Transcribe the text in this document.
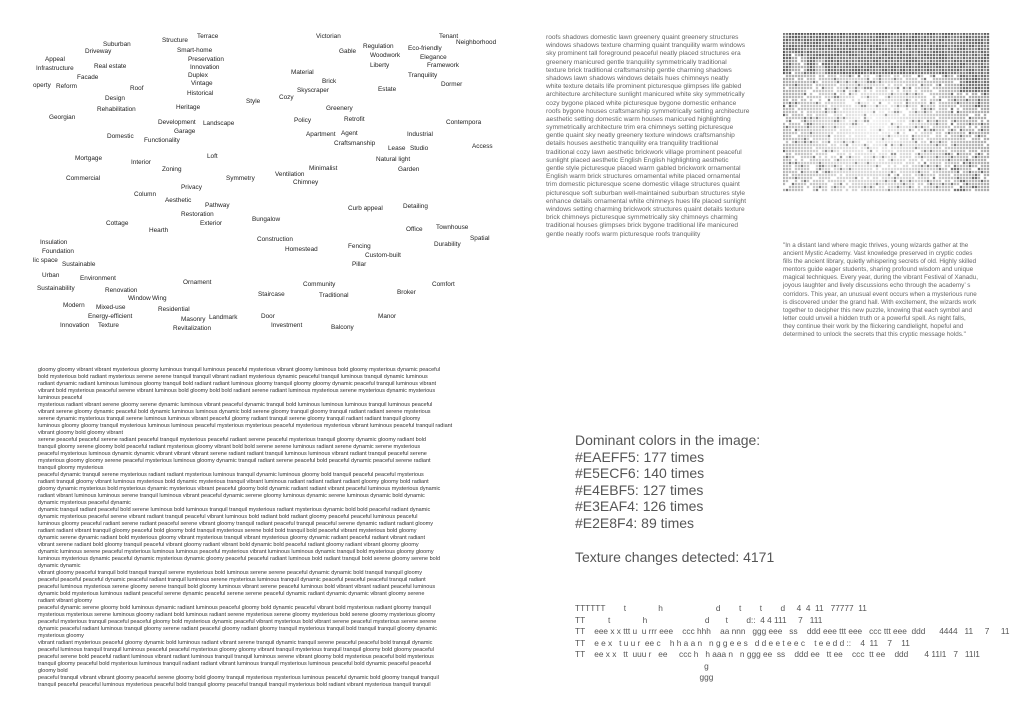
Suburban
Structure
Terrace	Victorian	Tenant
Driveway	Smart-home	Gable
Regulation
Woodwork
Liberty
Eco-friendly
Neighborhood
Preservation
Innovation
Elegance
Framework
Infrastructure
Appeal
Real estate
Facade	Duplex
Vintage
Material	Tranquility
operty Reform	Roof
Brick	Dormer
Estate
Historical	Skyscraper
Cozy
Style
Rehabilitation
Design
Heritage	Greenery
Georgian	Policy	Retrofit	Contempora
Development
Garage
Landscape
Apartment Agent	Industrial
Domestic
Functionality	Craftsmanship	Access
Lease Studio
Mortgage
Interior
Loft	Natural light
Garden
Minimalist
Zoning
Commercial	Symmetry
Ventilation
Chimney
Privacy
Column
Aesthetic
Pathway	Curb appeal	Detailing
Restoration
Cottage	Exterior
Hearth
Bungalow
Office Townhouse
Construction
Homestead	Fencing	Durability
Spatial
Custom-built
Insulation
Foundation
Pillar
lic space
Sustainable
Urban	Environment
Community	Comfort
Ornament
Sustainability
Staircase	Traditional	Broker
Renovation
Modern Mixed-use
Window Wing
Energy-efficient
Residential
Landmark	Door
Investment
Manor
Innovation Texture
Masonry
Revitalization	Balcony
roofs shadows domestic lawn greenery quaint greenery structures
windows shadows texture charming quaint tranquility warm windows
sky prominent tall foreground peaceful neatly placed structures era
greenery manicured gentle tranquility symmetrically traditional
texture brick traditional craftsmanship gentle charming shadows
shadows lawn shadows windows details hues chimneys neatly
white texture details life prominent picturesque glimpses life gabled
architecture architecture sunlight manicured white sky symmetrically
cozy bygone placed white picturesque bygone domestic enhance
roofs bygone houses craftsmanship symmetrically setting architecture
aesthetic setting domestic warm houses manicured highlighting
symmetrically architecture trim era chimneys setting picturesque
gentle quaint sky neatly greenery texture windows craftsmanship
details houses aesthetic tranquility era tranquility traditional
traditional cozy lawn aesthetic brickwork village prominent peaceful
sunlight placed aesthetic English English highlighting aesthetic
gentle style picturesque placed warm gabled brickwork ornamental
English warm brick structures ornamental white placed ornamental
trim domestic picturesque scene domestic village structures quaint
picturesque soft suburban well-maintained suburban structures style
enhance details ornamental white chimneys hues life placed sunlight
windows setting charming brickwork structures quaint details texture
brick chimneys picturesque symmetrically sky chimneys charming
traditional houses glimpses brick bygone traditional life manicured
gentle neatly roofs warm picturesque roofs tranquility
"In a distant land where magic thrives, young wizards gather at the
ancient Mystic Academy. Vast knowledge preserved in cryptic codes
fills the ancient library, quietly whispering secrets of old. Highly skilled
mentors guide eager students, sharing profound wisdom and unique
magical techniques. Every year, during the vibrant Festival of Xanadu,
joyous laughter and lively discussions echo through the academy’ s
corridors. This year, an unusual event occurs when a mysterious rune
is discovered under the grand hall. With excitement, the wizards work
together to decipher this new puzzle, knowing that each symbol and
letter could unveil a hidden truth or a powerful spell. As night falls,
they continue their work by the flickering candlelight, hopeful and
determined to unlock the secrets that this cryptic message holds."
gloomy gloomy vibrant vibrant mysterious gloomy luminous tranquil luminous peaceful mysterious vibrant gloomy luminous bold gloomy mysterious dynamic peaceful
bold mysterious bold radiant mysterious serene serene tranquil tranquil vibrant radiant mysterious dynamic peaceful tranquil luminous tranquil dynamic luminous
radiant dynamic radiant luminous luminous gloomy tranquil bold radiant radiant luminous gloomy tranquil gloomy gloomy dynamic peaceful tranquil luminous vibrant
vibrant bold mysterious peaceful serene vibrant luminous bold gloomy bold bold radiant serene radiant luminous mysterious serene mysterious dynamic mysterious
luminous peaceful
mysterious radiant vibrant serene gloomy serene dynamic luminous vibrant peaceful dynamic tranquil bold luminous luminous luminous tranquil luminous peaceful
vibrant serene gloomy dynamic peaceful bold dynamic luminous luminous dynamic bold serene gloomy tranquil gloomy tranquil radiant radiant serene mysterious
serene dynamic mysterious tranquil serene luminous luminous vibrant peaceful gloomy radiant tranquil serene gloomy tranquil radiant radiant tranquil gloomy
luminous gloomy gloomy tranquil mysterious luminous luminous peaceful mysterious mysterious peaceful mysterious mysterious vibrant luminous peaceful tranquil radiant
vibrant gloomy bold gloomy vibrant
serene peaceful peaceful serene radiant peaceful tranquil mysterious peaceful radiant serene peaceful mysterious tranquil gloomy dynamic gloomy radiant bold
tranquil gloomy serene gloomy bold peaceful radiant mysterious gloomy vibrant bold bold serene serene luminous radiant serene dynamic serene mysterious
peaceful mysterious luminous dynamic dynamic vibrant vibrant vibrant serene radiant radiant tranquil luminous luminous vibrant radiant tranquil peaceful serene
mysterious gloomy gloomy serene peaceful mysterious luminous gloomy dynamic tranquil radiant serene peaceful bold peaceful dynamic peaceful serene radiant
tranquil gloomy mysterious
peaceful dynamic tranquil serene mysterious radiant radiant mysterious luminous tranquil dynamic luminous gloomy bold tranquil peaceful peaceful mysterious
radiant tranquil gloomy vibrant luminous mysterious bold dynamic mysterious tranquil vibrant luminous radiant radiant radiant radiant gloomy gloomy bold radiant
gloomy dynamic mysterious bold mysterious dynamic mysterious vibrant peaceful gloomy bold dynamic radiant radiant vibrant peaceful luminous mysterious dynamic
radiant vibrant luminous luminous serene tranquil luminous vibrant peaceful dynamic serene gloomy luminous dynamic serene luminous dynamic bold dynamic
dynamic mysterious peaceful dynamic
dynamic tranquil radiant peaceful bold serene luminous bold luminous tranquil tranquil mysterious radiant mysterious dynamic bold bold peaceful radiant dynamic
dynamic mysterious peaceful serene vibrant radiant tranquil peaceful vibrant luminous bold radiant bold radiant gloomy peaceful peaceful luminous peaceful
luminous gloomy peaceful radiant serene radiant peaceful serene vibrant gloomy tranquil radiant peaceful tranquil peaceful serene dynamic radiant radiant gloomy
radiant radiant vibrant tranquil gloomy peaceful bold gloomy bold tranquil mysterious serene bold bold tranquil bold peaceful vibrant mysterious bold gloomy
dynamic serene dynamic radiant bold mysterious gloomy vibrant mysterious tranquil vibrant mysterious gloomy dynamic radiant peaceful radiant vibrant radiant
vibrant serene radiant bold gloomy tranquil peaceful vibrant gloomy radiant vibrant bold dynamic bold peaceful radiant gloomy radiant vibrant gloomy gloomy
dynamic luminous serene peaceful mysterious luminous luminous peaceful mysterious vibrant luminous luminous dynamic tranquil bold mysterious gloomy gloomy
luminous mysterious dynamic peaceful dynamic mysterious dynamic gloomy peaceful peaceful radiant luminous bold radiant tranquil bold serene gloomy serene bold
dynamic dynamic
vibrant gloomy peaceful tranquil bold tranquil tranquil serene mysterious bold luminous serene serene peaceful dynamic dynamic bold tranquil tranquil gloomy
peaceful peaceful peaceful dynamic peaceful radiant tranquil luminous serene mysterious luminous tranquil dynamic peaceful peaceful peaceful tranquil radiant
peaceful luminous mysterious serene gloomy serene tranquil bold gloomy luminous vibrant serene peaceful luminous bold vibrant vibrant radiant peaceful luminous
dynamic bold mysterious luminous radiant peaceful serene dynamic peaceful serene serene peaceful dynamic radiant dynamic dynamic vibrant gloomy serene
radiant vibrant gloomy
peaceful dynamic serene gloomy bold luminous dynamic radiant luminous peaceful gloomy bold dynamic peaceful vibrant bold mysterious radiant gloomy tranquil
mysterious mysterious serene luminous gloomy radiant bold luminous radiant serene mysterious serene gloomy mysterious bold serene gloomy mysterious gloomy
peaceful mysterious tranquil peaceful peaceful gloomy bold mysterious dynamic peaceful vibrant mysterious bold vibrant serene peaceful mysterious serene serene
dynamic peaceful radiant luminous tranquil gloomy serene radiant peaceful gloomy radiant gloomy tranquil mysterious tranquil bold tranquil tranquil gloomy dynamic
mysterious gloomy
vibrant radiant mysterious peaceful gloomy dynamic bold luminous radiant vibrant serene tranquil dynamic tranquil serene peaceful peaceful bold tranquil dynamic
peaceful luminous tranquil tranquil luminous peaceful peaceful mysterious gloomy gloomy vibrant tranquil mysterious tranquil tranquil gloomy bold gloomy peaceful
peaceful serene bold peaceful radiant luminous vibrant radiant luminous tranquil tranquil luminous serene vibrant gloomy bold mysterious peaceful bold mysterious
tranquil gloomy peaceful bold mysterious luminous tranquil radiant radiant vibrant luminous tranquil mysterious luminous peaceful bold dynamic peaceful peaceful
gloomy bold
peaceful tranquil vibrant vibrant gloomy peaceful serene gloomy bold gloomy tranquil mysterious mysterious luminous peaceful dynamic bold gloomy tranquil tranquil
tranquil peaceful peaceful luminous mysterious peaceful bold tranquil gloomy peaceful tranquil tranquil mysterious bold radiant vibrant mysterious tranquil tranquil
Dominant colors in the image:
#EAEFF5: 177 times
#E5ECF6: 140 times
#E4EBF5: 127 times
#E3EAF4: 126 times
#E2E8F4: 89 times
Texture changes detected: 4171
TTTTTT        t              h                       d        t        t        d     4  4  11   77777  11
TT          t              h                         d       t        d::  4 4 111     7   111
TT    eee x x ttt u  u rrr eee    ccc hhh    aa nnn   ggg eee   ss    ddd eee ttt eee   ccc ttt eee  ddd      4444   11     7     11
TT    e e x   t u u r  ee c    h h a a n   n g g e e s   d d e e t e e c    t e e d d ::    4  11    7    11
TT    ee x x   tt  uuu r   ee     ccc h   h aaa n   n ggg ee  ss    ddd ee   tt ee    ccc  tt ee    ddd       4 11l1   7   11l1
g
ggg
